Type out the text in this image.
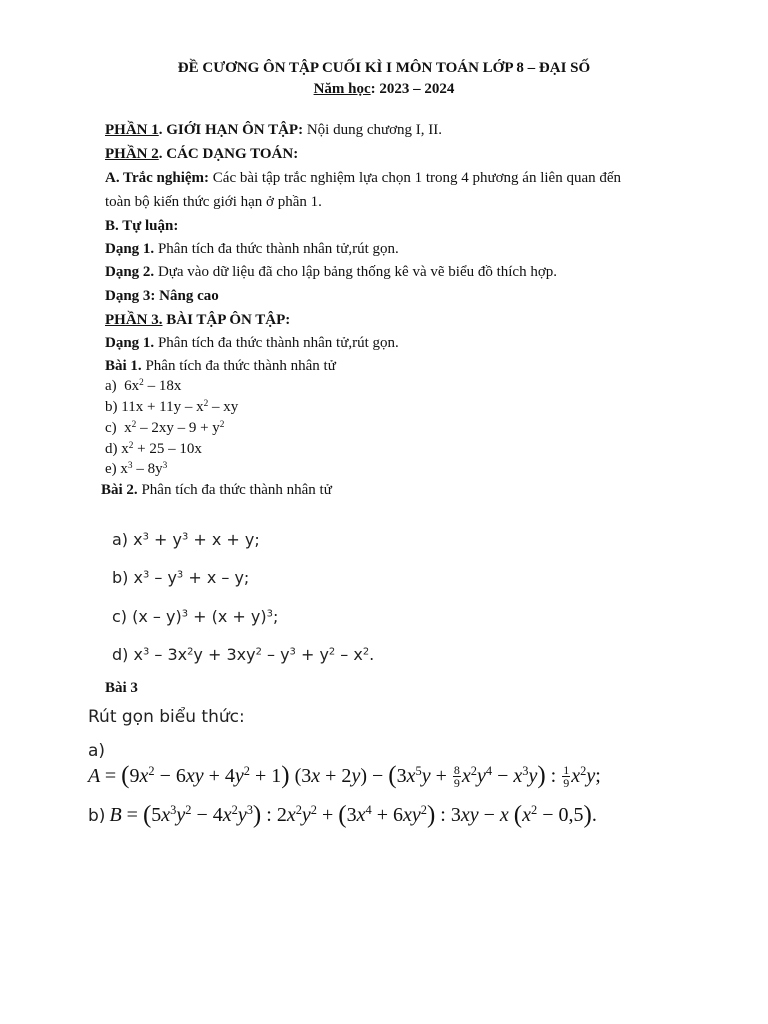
ĐỀ CƯƠNG ÔN TẬP CUỐI KÌ I MÔN TOÁN LỚP 8 – ĐẠI SỐ
Năm học: 2023 – 2024
PHẦN 1. GIỚI HẠN ÔN TẬP: Nội dung chương I, II.
PHẦN 2. CÁC DẠNG TOÁN:
A. Trắc nghiệm: Các bài tập trắc nghiệm lựa chọn 1 trong 4 phương án liên quan đến
toàn bộ kiến thức giới hạn ở phần 1.
B. Tự luận:
Dạng 1. Phân tích đa thức thành nhân tử,rút gọn.
Dạng 2. Dựa vào dữ liệu đã cho lập bảng thống kê và vẽ biểu đồ thích hợp.
Dạng 3: Nâng cao
PHẦN 3. BÀI TẬP ÔN TẬP:
Dạng 1. Phân tích đa thức thành nhân tử,rút gọn.
Bài 1. Phân tích đa thức thành nhân tử
a)  $6x^2 - 18x$
b) $11x + 11y - x^2$ – xy
c)  $x^2 - 2xy - 9 + y^2$
d) $x^2 + 25 - 10x$
e) $x^3 - 8y^3$
Bài 2. Phân tích đa thức thành nhân tử
a) $x^3 + y^3 + x + y$;
b) $x^3 - y^3 + x - y$;
c) $(x - y)^3 + (x + y)^3$;
d) $x^3 - 3x^2y + 3xy^2 - y^3 + y^2 - x^2$.
Bài 3
Rút gọn biểu thức:
a)
$A = (9x^2 - 6xy + 4y^2 + 1) (3x + 2y) - (3x^5y + \frac{8}{9} x^2y^4 - x^3y)$ : $\frac{1}{9} x^2y$;
b) $B = (5x^3y^2 - 4x^2y^3)$ : $2x^2y^2 + (3x^4 + 6xy^2)$ : 3xy − x $(x^2 - 0,5)$.
